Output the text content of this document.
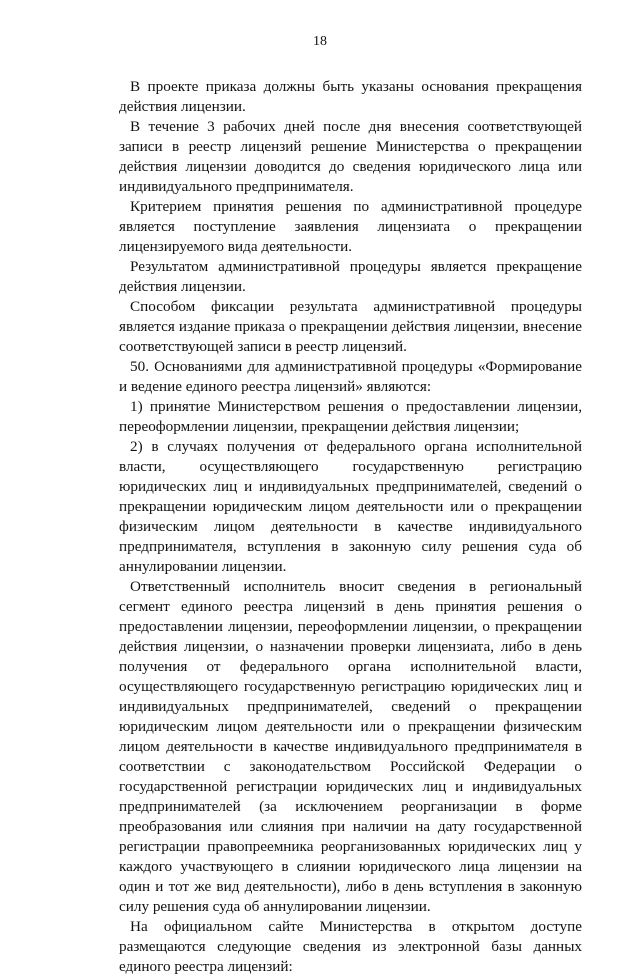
18

В проекте приказа должны быть указаны основания прекращения действия лицензии.

В течение 3 рабочих дней после дня внесения соответствующей записи в реестр лицензий решение Министерства о прекращении действия лицензии доводится до сведения юридического лица или индивидуального предпринимателя.

Критерием принятия решения по административной процедуре является поступление заявления лицензиата о прекращении лицензируемого вида деятельности.

Результатом административной процедуры является прекращение действия лицензии.

Способом фиксации результата административной процедуры является издание приказа о прекращении действия лицензии, внесение соответствующей записи в реестр лицензий.

50. Основаниями для административной процедуры «Формирование и ведение единого реестра лицензий» являются:

1) принятие Министерством решения о предоставлении лицензии, переоформлении лицензии, прекращении действия лицензии;

2) в случаях получения от федерального органа исполнительной власти, осуществляющего государственную регистрацию юридических лиц и индивидуальных предпринимателей, сведений о прекращении юридическим лицом деятельности или о прекращении физическим лицом деятельности в качестве индивидуального предпринимателя, вступления в законную силу решения суда об аннулировании лицензии.

Ответственный исполнитель вносит сведения в региональный сегмент единого реестра лицензий в день принятия решения о предоставлении лицензии, переоформлении лицензии, о прекращении действия лицензии, о назначении проверки лицензиата, либо в день получения от федерального органа исполнительной власти, осуществляющего государственную регистрацию юридических лиц и индивидуальных предпринимателей, сведений о прекращении юридическим лицом деятельности или о прекращении физическим лицом деятельности в качестве индивидуального предпринимателя в соответствии с законодательством Российской Федерации о государственной регистрации юридических лиц и индивидуальных предпринимателей (за исключением реорганизации в форме преобразования или слияния при наличии на дату государственной регистрации правопреемника реорганизованных юридических лиц у каждого участвующего в слиянии юридического лица лицензии на один и тот же вид деятельности), либо в день вступления в законную силу решения суда об аннулировании лицензии.

На официальном сайте Министерства в открытом доступе размещаются следующие сведения из электронной базы данных единого реестра лицензий:
